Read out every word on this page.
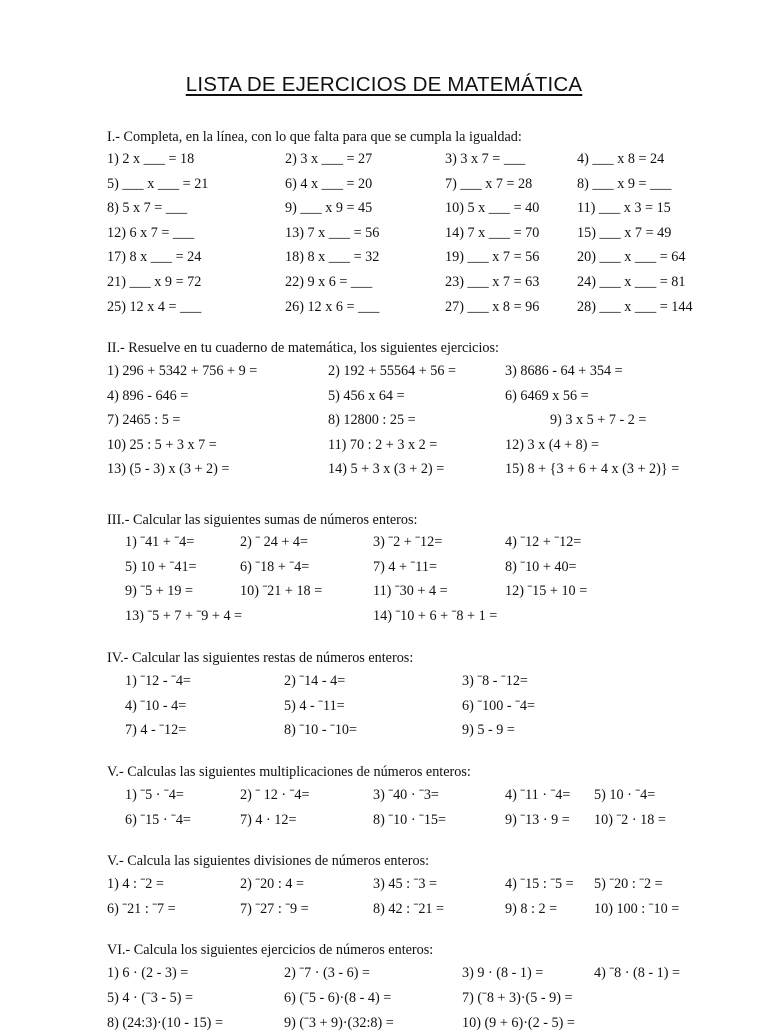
LISTA DE EJERCICIOS DE MATEMÁTICA
I.- Completa, en la línea, con lo que falta para que se cumpla la igualdad:
1) 2 x ___ = 18	2) 3 x ___ = 27	3) 3 x 7 = ___	4) ___ x 8 = 24
5) ___ x ___ = 21	6) 4 x ___ = 20	7) ___ x 7 = 28	8) ___ x 9 = ___
8) 5 x 7 = ___	9) ___ x 9 = 45	10) 5 x ___ = 40	11) ___ x 3 = 15
12) 6 x 7 = ___	13) 7 x ___ = 56	14) 7 x ___ = 70	15) ___ x 7 = 49
17) 8 x ___ = 24	18) 8 x ___ = 32	19) ___ x 7 = 56	20) ___ x ___ = 64
21) ___ x 9 = 72	22) 9 x 6 = ___	23) ___ x 7 = 63	24) ___ x ___ = 81
25) 12 x 4 = ___	26) 12 x 6 = ___	27) ___ x 8 = 96	28) ___ x ___ = 144
II.- Resuelve en tu cuaderno de matemática, los siguientes ejercicios:
1) 296 + 5342 + 756 + 9 =	2) 192 + 55564 + 56 =	3) 8686 - 64 + 354 =
4) 896 - 646 =	5) 456 x 64 =	6) 6469 x 56 =
7) 2465 : 5 =	8) 12800 : 25 =	9) 3 x 5 + 7 - 2 =
10) 25 : 5 + 3 x 7 =	11) 70 : 2 + 3 x 2 =	12) 3 x (4 + 8) =
13) (5 - 3) x (3 + 2) =	14) 5 + 3 x (3 + 2) =	15) 8 + {3 + 6 + 4 x (3 + 2)} =
III.- Calcular las siguientes sumas de números enteros:
1) ˉ41 + ˉ4=	2) ˉ 24 + 4=	3) ˉ2 + ˉ12=	4) ˉ12 + ˉ12=
5) 10 + ˉ41=	6) ˉ18 + ˉ4=	7) 4 + ˉ11=	8) ˉ10 + 40=
9) ˉ5 + 19 =	10) ˉ21 + 18 =	11) ˉ30 + 4 =	12) ˉ15 + 10 =
13) ˉ5 + 7 + ˉ9 + 4 =	14) ˉ10 + 6 + ˉ8 + 1 =
IV.- Calcular las siguientes restas de números enteros:
1) ˉ12 - ˉ4=	2) ˉ14 - 4=	3) ˉ8 - ˉ12=
4) ˉ10 - 4=	5) 4 - ˉ11=	6) ˉ100 - ˉ4=
7) 4 - ˉ12=	8) ˉ10 - ˉ10=	9) 5 - 9 =
V.- Calculas las siguientes multiplicaciones de números enteros:
1) ˉ5 · ˉ4=	2) ˉ 12 · ˉ4=	3) ˉ40 · ˉ3=	4) ˉ11 · ˉ4= 5) 10 · ˉ4=
6) ˉ15 · ˉ4=	7) 4 · 12=	8) ˉ10 · ˉ15=	9) ˉ13 · 9 = 10) ˉ2 · 18 =
V.- Calcula las siguientes divisiones de números enteros:
1) 4 : ˉ2 =	2) ˉ20 : 4 =	3) 45 : ˉ3 =	4) ˉ15 : ˉ5 = 5) ˉ20 : ˉ2 =
6) ˉ21 : ˉ7 =	7) ˉ27 : ˉ9 =	8) 42 : ˉ21 =	9) 8 : 2 =	10) 100 : ˉ10 =
VI.- Calcula los siguientes ejercicios de números enteros:
1) 6 · (2 - 3) =	2) ˉ7 · (3 - 6) =	3) 9 · (8 - 1) =	4) ˉ8 · (8 - 1) =
5) 4 · (ˉ3 - 5) =	6) (ˉ5 - 6)·(8 - 4) =	7) (ˉ8 + 3)·(5 - 9) =
8) (24:3)·(10 - 15) =	9) (ˉ3 + 9)·(32:8) =	10) (9 + 6)·(2 - 5) =
